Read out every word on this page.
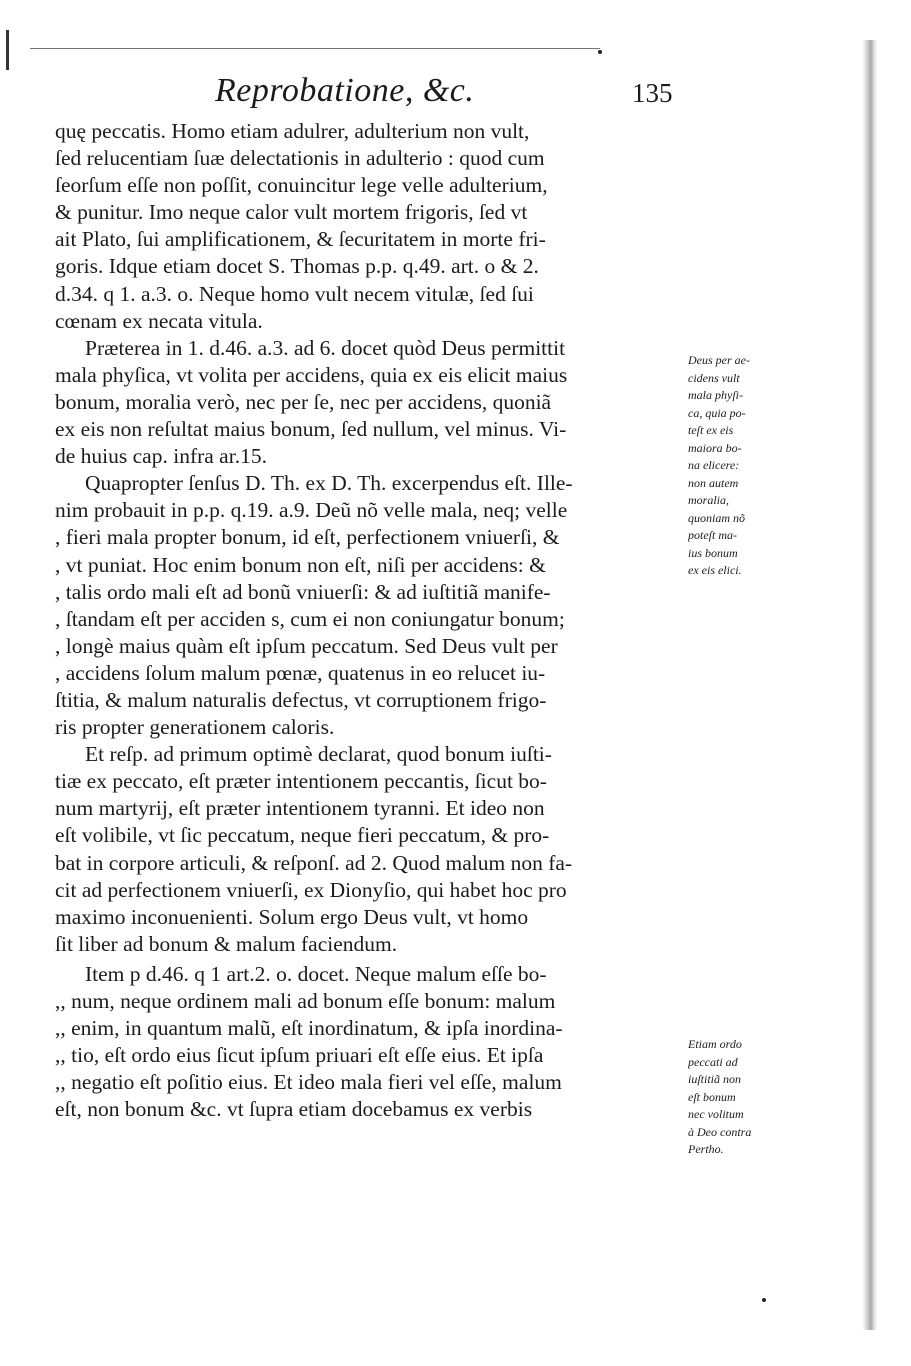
Reprobatione, &c.	135
quę peccatis. Homo etiam adulrer, adulterium non vult,
ſed relucentiam ſuæ delectationis in adulterio : quod cum
ſeorſum eſſe non poſſit, conuincitur lege velle adulterium,
& punitur. Imo neque calor vult mortem frigoris, ſed vt
ait Plato, ſui amplificationem, & ſecuritatem in morte fri-
goris. Idque etiam docet S. Thomas p.p. q.49. art. o & 2.
d.34. q 1. a.3. o. Neque homo vult necem vitulæ, ſed ſui
cœnam ex necata vitula.
Præterea in 1. d.46. a.3. ad 6. docet quòd Deus permittit
mala phyſica, vt volita per accidens, quia ex eis elicit maius
bonum, moralia verò, nec per ſe, nec per accidens, quoniã
ex eis non reſultat maius bonum, ſed nullum, vel minus. Vi-
de huius cap. infra ar.15.
Quapropter ſenſus D. Th. ex D. Th. excerpendus eſt. Ille-
nim probauit in p.p. q.19. a.9. Deũ nõ velle mala, neq; velle
, fieri mala propter bonum, id eſt, perfectionem vniuerſi, &
, vt puniat. Hoc enim bonum non eſt, niſi per accidens: &
, talis ordo mali eſt ad bonũ vniuerſi: & ad iuſtitiã manife-
, ſtandam eſt per acciden s, cum ei non coniungatur bonum;
, longè maius quàm eſt ipſum peccatum. Sed Deus vult per
, accidens ſolum malum pœnæ, quatenus in eo relucet iu-
ſtitia, & malum naturalis defectus, vt corruptionem frigo-
ris propter generationem caloris.
Et reſp. ad primum optimè declarat, quod bonum iuſti-
tiæ ex peccato, eſt præter intentionem peccantis, ſicut bo-
num martyrij, eſt præter intentionem tyranni. Et ideo non
eſt volibile, vt ſic peccatum, neque fieri peccatum, & pro-
bat in corpore articuli, & reſponſ. ad 2. Quod malum non fa-
cit ad perfectionem vniuerſi, ex Dionyſio, qui habet hoc pro
maximo inconuenienti. Solum ergo Deus vult, vt homo
ſit liber ad bonum & malum faciendum.
Item p d.46. q 1 art.2. o. docet. Neque malum eſſe bo-
,, num, neque ordinem mali ad bonum eſſe bonum: malum
,, enim, in quantum malũ, eſt inordinatum, & ipſa inordina-
,, tio, eſt ordo eius ſicut ipſum priuari eſt eſſe eius. Et ipſa
,, negatio eſt poſitio eius. Et ideo mala fieri vel eſſe, malum
eſt, non bonum &c. vt ſupra etiam docebamus ex verbis
Deus per ae-
cidens vult
mala phyſi-
ca, quia po-
teſt ex eis
maiora bo-
na elicere:
non autem
moralia,
quoniam nõ
poteſt ma-
ius bonum
ex eis elici.
Etiam ordo
peccati ad
iuſtitiã non
eſt bonum
nec volitum
à Deo contra
Pertho.
